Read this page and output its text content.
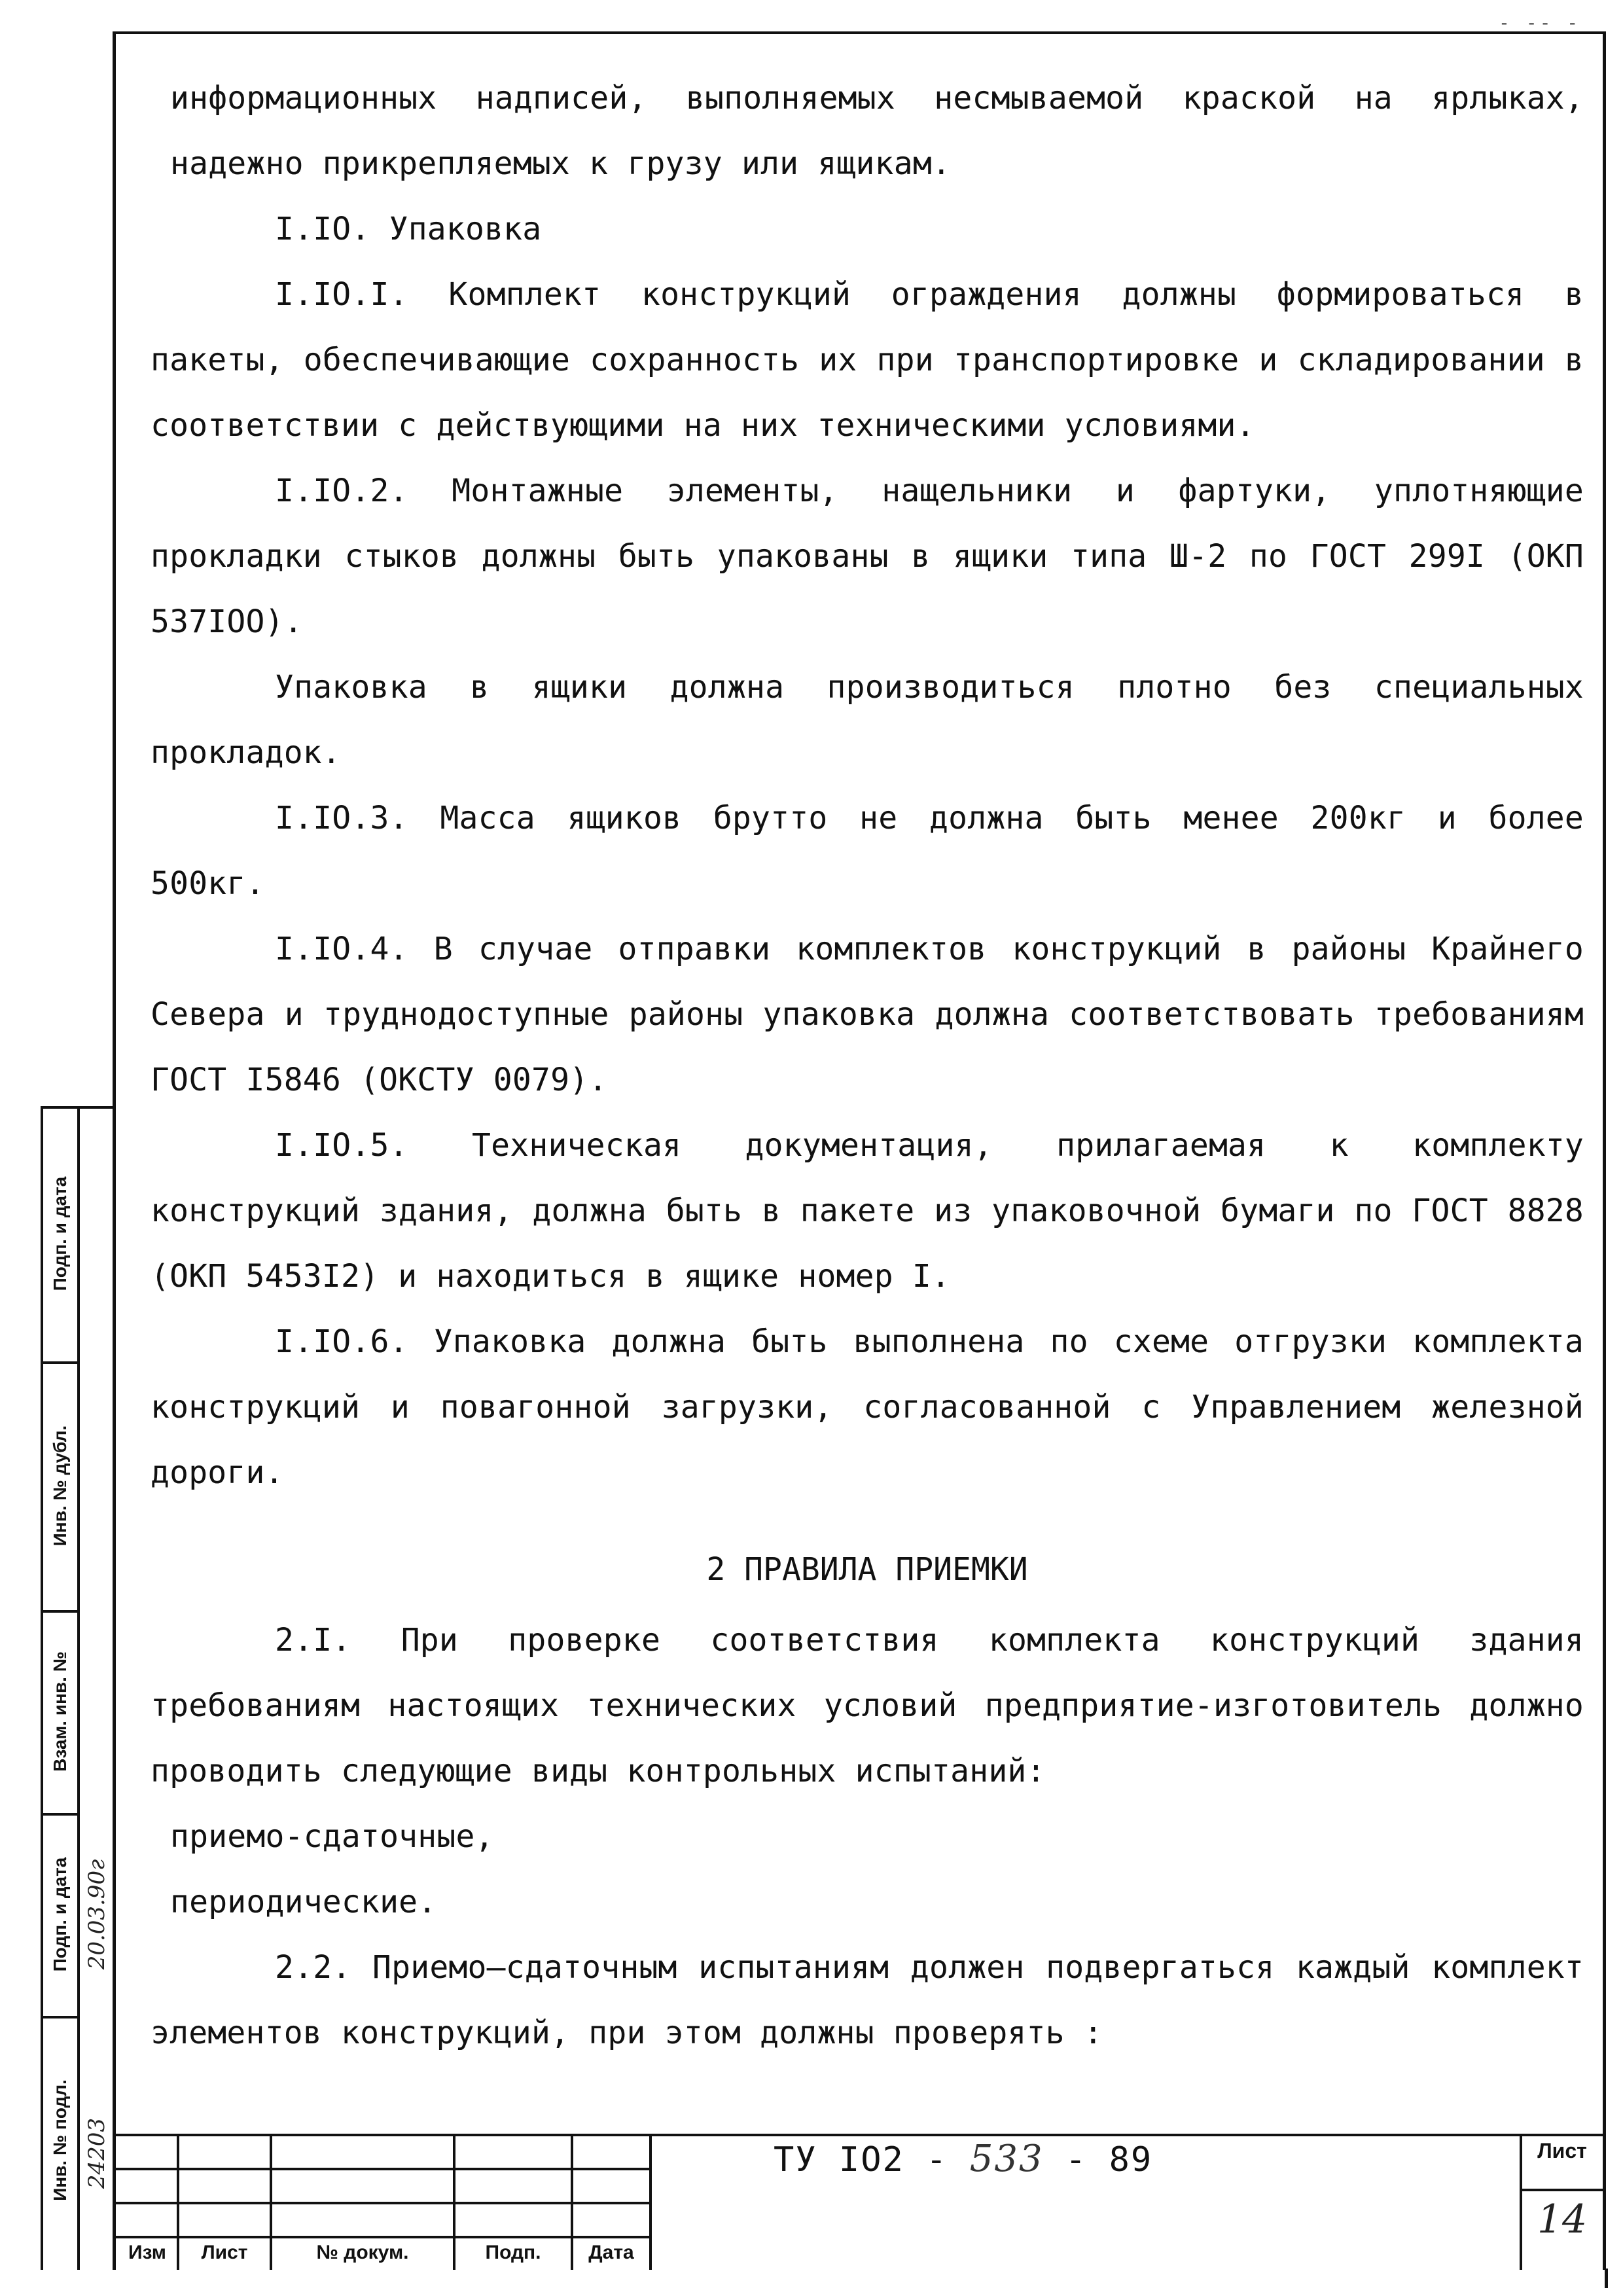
- -- -

информационных надписей, выполняемых несмываемой краской на ярлыках, надежно прикрепляемых к грузу или ящикам.

I.IO. Упаковка

I.IO.I. Комплект конструкций ограждения должны формироваться в пакеты, обеспечивающие сохранность их при транспортировке и складировании в соответствии с действующими на них техническими условиями.

I.IO.2. Монтажные элементы, нащельники и фартуки, уплотняющие прокладки стыков должны быть упакованы в ящики типа Ш-2 по ГОСТ 299I (ОКП 537IOO).

Упаковка в ящики должна производиться плотно без специальных прокладок.

I.IO.3. Масса ящиков брутто не должна быть менее 200кг и более 500кг.

I.IO.4. В случае отправки комплектов конструкций в районы Крайнего Севера и труднодоступные районы упаковка должна соответствовать требованиям ГОСТ I5846 (ОКСТУ 0079).

I.IO.5. Техническая документация, прилагаемая к комплекту конструкций здания, должна быть в пакете из упаковочной бумаги по ГОСТ 8828 (ОКП 5453I2) и находиться в ящике номер I.

I.IO.6. Упаковка должна быть выполнена по схеме отгрузки комплекта конструкций и повагонной загрузки, согласованной с Управлением железной дороги.

2 ПРАВИЛА ПРИЕМКИ

2.I. При проверке соответствия комплекта конструкций здания требованиям настоящих технических условий предприятие-изготовитель должно проводить следующие виды контрольных испытаний:

приемо-сдаточные,

периодические.

2.2. Приемо—сдаточным испытаниям должен подвергаться каждый комплект элементов конструкций, при этом должны проверять :

Подп. и дата
Инв. № дубл.
Взам. инв. №
Подп. и дата
Инв. № подл.
20.03.90г
24203
Изм	Лист	№ докум.	Подп.	Дата
ТУ IO2 - 533 - 89	Лист
14
